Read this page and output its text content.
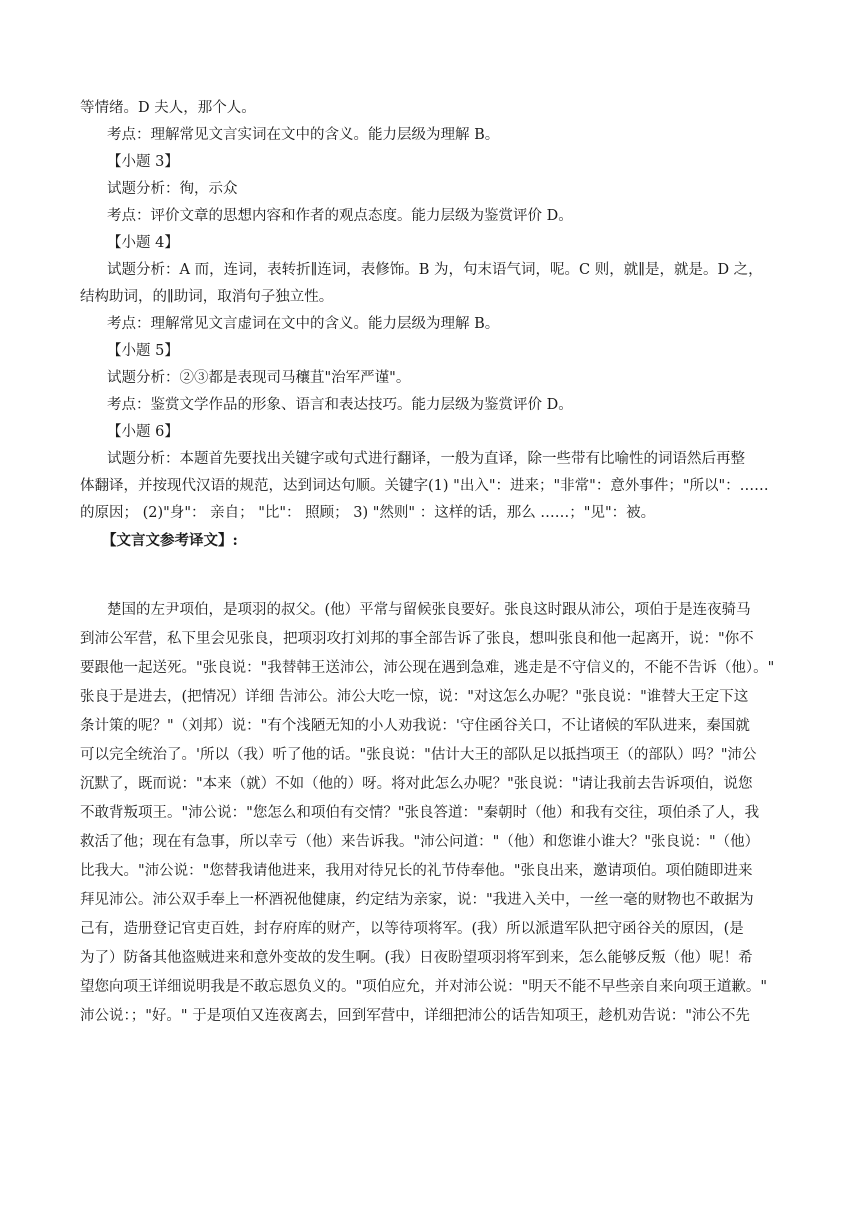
等情绪。D 夫人，那个人。
考点：理解常见文言实词在文中的含义。能力层级为理解 B。
【小题 3】
试题分析：徇，示众
考点：评价文章的思想内容和作者的观点态度。能力层级为鉴赏评价 D。
【小题 4】
试题分析：A 而，连词，表转折∥连词，表修饰。B 为，句末语气词，呢。C 则，就∥是，就是。D 之，
结构助词，的∥助词，取消句子独立性。
考点：理解常见文言虚词在文中的含义。能力层级为理解 B。
【小题 5】
试题分析：②③都是表现司马穰苴"治军严谨"。
考点：鉴赏文学作品的形象、语言和表达技巧。能力层级为鉴赏评价 D。
【小题 6】
试题分析：本题首先要找出关键字或句式进行翻译，一般为直译，除一些带有比喻性的词语然后再整
体翻译，并按现代汉语的规范，达到词达句顺。关键字(1) "出入"：进来；"非常"：意外事件；"所以"：……
的原因； (2)"身"： 亲自； "比"： 照顾； 3) "然则" ：这样的话，那么 ……；"见"：被。
【文言文参考译文】:
楚国的左尹项伯，是项羽的叔父。(他）平常与留候张良要好。张良这时跟从沛公，项伯于是连夜骑马
到沛公军营，私下里会见张良，把项羽攻打刘邦的事全部告诉了张良，想叫张良和他一起离开，说："你不
要跟他一起送死。"张良说："我替韩王送沛公，沛公现在遇到急难，逃走是不守信义的，不能不告诉（他）。"
张良于是进去，(把情况）详细 告沛公。沛公大吃一惊，说："对这怎么办呢？"张良说："谁替大王定下这
条计策的呢？"（刘邦）说："有个浅陋无知的小人劝我说：'守住函谷关口，不让诸候的军队进来，秦国就
可以完全统治了。'所以（我）听了他的话。"张良说："估计大王的部队足以抵挡项王（的部队）吗？"沛公
沉默了，既而说："本来（就）不如（他的）呀。将对此怎么办呢？"张良说："请让我前去告诉项伯，说您
不敢背叛项王。"沛公说："您怎么和项伯有交情？"张良答道："秦朝时（他）和我有交往，项伯杀了人，我
救活了他；现在有急事，所以幸亏（他）来告诉我。"沛公问道："（他）和您谁小谁大？"张良说："（他）
比我大。"沛公说："您替我请他进来，我用对待兄长的礼节侍奉他。"张良出来，邀请项伯。项伯随即进来
拜见沛公。沛公双手奉上一杯酒祝他健康，约定结为亲家，说："我进入关中，一丝一毫的财物也不敢据为
己有，造册登记官吏百姓，封存府库的财产，以等待项将军。(我）所以派遣军队把守函谷关的原因，(是
为了）防备其他盗贼进来和意外变故的发生啊。(我）日夜盼望项羽将军到来，怎么能够反叛（他）呢！希
望您向项王详细说明我是不敢忘恩负义的。"项伯应允，并对沛公说："明天不能不早些亲自来向项王道歉。"
沛公说：；"好。" 于是项伯又连夜离去，回到军营中，详细把沛公的话告知项王，趁机劝告说："沛公不先
